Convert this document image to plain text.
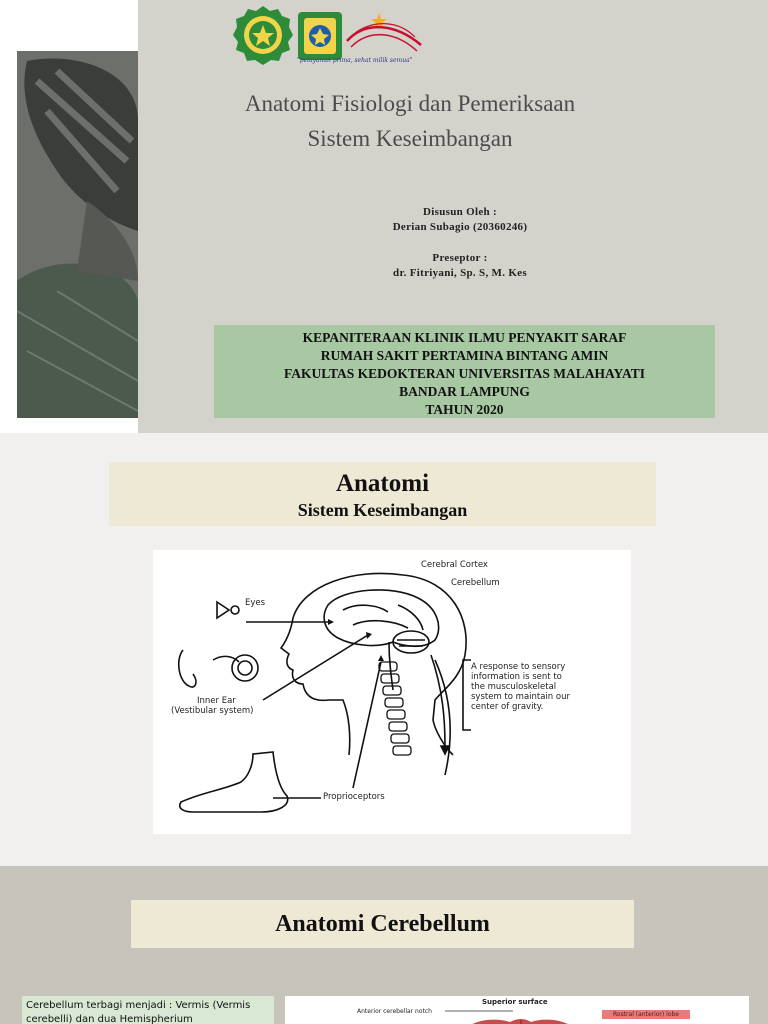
"pelayanan prima, sehat milik semua"
Anatomi Fisiologi dan Pemeriksaan
Sistem Keseimbangan
Disusun Oleh :
Derian Subagio (20360246)
Preseptor :
dr. Fitriyani, Sp. S, M. Kes
KEPANITERAAN KLINIK ILMU PENYAKIT SARAF
RUMAH SAKIT PERTAMINA BINTANG AMIN
FAKULTAS KEDOKTERAN UNIVERSITAS MALAHAYATI
BANDAR LAMPUNG
TAHUN 2020
Anatomi
Sistem Keseimbangan
Cerebral Cortex
Cerebellum
Eyes
Inner Ear
(Vestibular system)
A response to sensory
information is sent to
the musculoskeletal
system to maintain our
center of gravity.
Proprioceptors
Anatomi Cerebellum
Cerebellum terbagi menjadi : Vermis (Vermis cerebelli) dan dua Hemispherium
Superior surface
Anterior cerebellar notch	Rostral (anterior) lobe
